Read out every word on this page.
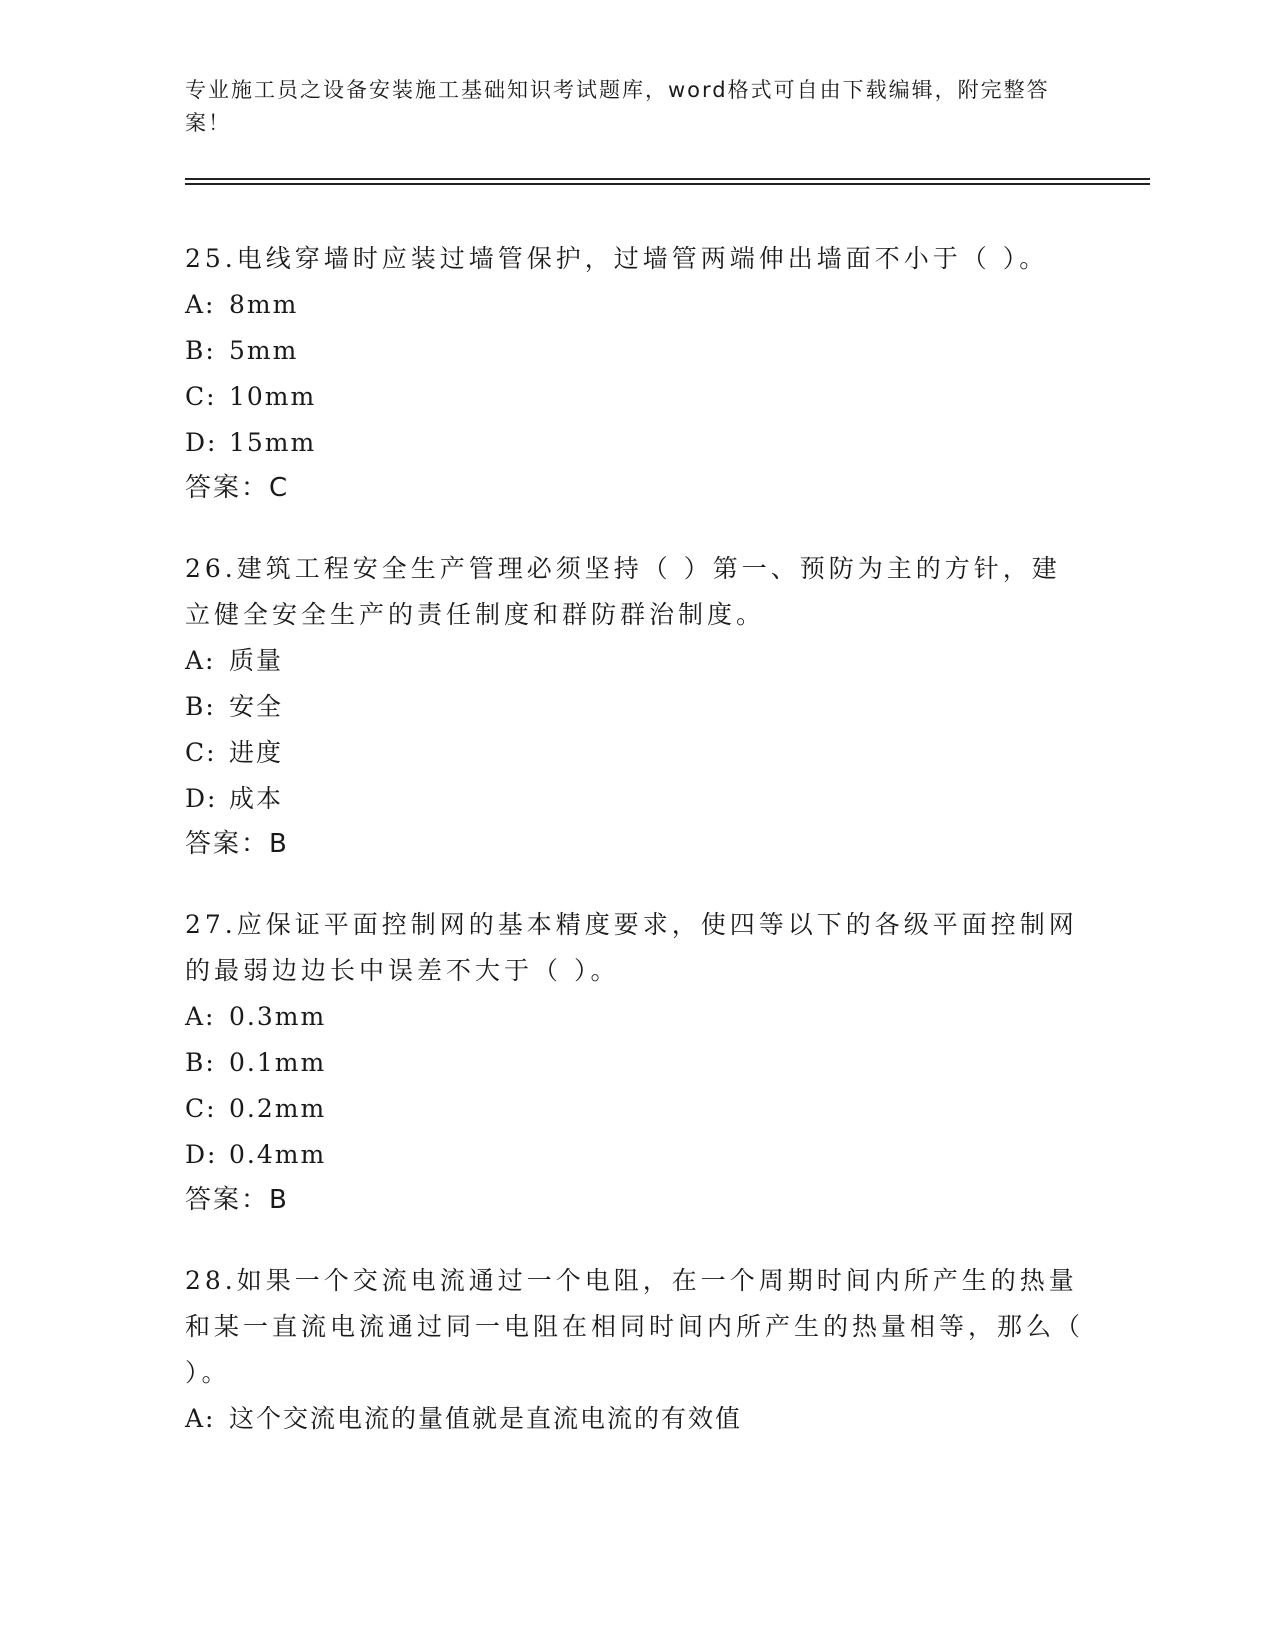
专业施工员之设备安装施工基础知识考试题库，word格式可自由下载编辑，附完整答案！

25.电线穿墙时应装过墙管保护，过墙管两端伸出墙面不小于（ ）。

A: 8mm
B: 5mm
C: 10mm
D: 15mm
答案：C

26.建筑工程安全生产管理必须坚持（ ）第一、预防为主的方针，建立健全安全生产的责任制度和群防群治制度。

A: 质量
B: 安全
C: 进度
D: 成本
答案：B

27.应保证平面控制网的基本精度要求，使四等以下的各级平面控制网的最弱边边长中误差不大于（ ）。

A: 0.3mm
B: 0.1mm
C: 0.2mm
D: 0.4mm
答案：B

28.如果一个交流电流通过一个电阻，在一个周期时间内所产生的热量和某一直流电流通过同一电阻在相同时间内所产生的热量相等，那么（ ）。

A: 这个交流电流的量值就是直流电流的有效值
